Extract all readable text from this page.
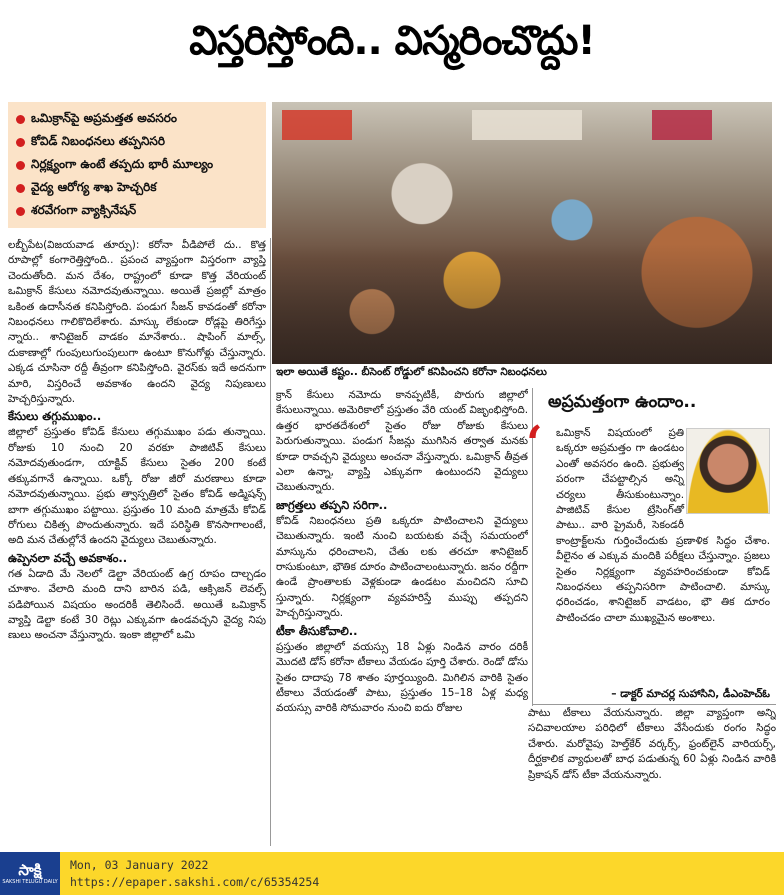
విస్తరిస్తోంది.. విస్మరించొద్దు!
ఒమిక్రాన్‌పై అప్రమత్తత అవసరం
కోవిడ్ నిబంధనలు తప్పనిసరి
నిర్లక్ష్యంగా ఉంటే తప్పదు భారీ మూల్యం
వైద్య ఆరోగ్య శాఖ హెచ్చరిక
శరవేగంగా వ్యాక్సినేషన్
ఇలా అయితే కష్టం.. బీసెంట్ రోడ్డులో కనిపించని కరోనా నిబంధనలు

లబ్బీపేట(విజయవాడ తూర్పు): కరోనా వీడిపోలే దు.. కొత్త రూపాల్లో కంగారెత్తిస్తోంది.. ప్రపంచ వ్యాప్తంగా విస్తరంగా వ్యాప్తి చెందుతోంది. మన దేశం, రాష్ట్రంలో కూడా కొత్త వేరియంట్ ఒమిక్రాన్ కేసులు నమోదవుతున్నాయి. అయితే ప్రజల్లో మాత్రం ఒకింత ఉదాసీనత కనిపిస్తోంది. పండుగ సీజన్ కావడంతో కరోనా నిబంధనలు గాలికొదిలేశారు. మాస్కు లేకుండా రోడ్లపై తిరిగేస్తు న్నారు.. శానిటైజర్ వాడకం మానేశారు.. షాపింగ్ మాల్స్, దుకాణాల్లో గుంపులుగుంపులుగా ఉంటూ కొనుగోళ్లు చేస్తున్నారు. ఎక్కడ చూసినా రద్దీ తీవ్రంగా కనిపిస్తోంది. వైరస్‌కు ఇదే అదనుగా మారి, విస్తరించే అవకాశం ఉందని వైద్య నిపుణులు హెచ్చరిస్తున్నారు.

కేసులు తగ్గుముఖం..

జిల్లాలో ప్రస్తుతం కోవిడ్ కేసులు తగ్గుముఖం పడు తున్నాయి. రోజుకు 10 నుంచి 20 వరకూ పాజిటివ్ కేసులు నమోదవుతుండగా, యాక్టివ్ కేసులు సైతం 200 కంటే తక్కువగానే ఉన్నాయి. ఒక్కో రోజు జీరో మరణాలు కూడా నమోదవుతున్నాయి. ప్రభు త్వాస్పత్రిలో సైతం కోవిడ్ అడ్మిషన్స్ బాగా తగ్గుముఖం పట్టాయి. ప్రస్తుతం 10 మంది మాత్రమే కోవిడ్ రోగులు చికిత్స పొందుతున్నారు. ఇదే పరిస్థితి కొనసాగాలంటే, అది మన చేతుల్లోనే ఉందని వైద్యులు చెబుతున్నారు.

ఉప్పెనలా వచ్చే అవకాశం..

గత ఏడాది మే నెలలో డెల్టా వేరియంట్ ఉగ్ర రూపం దాల్చడం చూశాం. వేలాది మంది దాని బారిన పడి, ఆక్సిజన్ లెవల్స్ పడిపోయిన విషయం అందరికీ తెలిసిందే. అయితే ఒమిక్రాన్ వ్యాప్తి డెల్టా కంటే 30 రెట్లు ఎక్కువగా ఉండవచ్చని వైద్య నిపు ణులు అంచనా వేస్తున్నారు. ఇంకా జిల్లాలో ఒమి

క్రాన్ కేసులు నమోదు కానప్పటికీ, పొరుగు జిల్లాలో కేసులున్నాయి. అమెరికాలో ప్రస్తుతం వేరి యంట్ విజృంభిస్తోంది. ఉత్తర భారతదేశంలో సైతం రోజు రోజుకు కేసులు పెరుగుతున్నాయి. పండుగ సీజన్లు ముగిసిన తర్వాత మనకు కూడా రావచ్చని వైద్యులు అంచనా వేస్తున్నారు. ఒమిక్రాన్ తీవ్రత ఎలా ఉన్నా, వ్యాప్తి ఎక్కువగా ఉంటుందని వైద్యులు చెబుతున్నారు.

జాగ్రత్తలు తప్పని సరిగా..

కోవిడ్ నిబంధనలు ప్రతి ఒక్కరూ పాటించాలని వైద్యులు చెబుతున్నారు. ఇంటి నుంచి బయటకు వచ్చే సమయంలో మాస్కును ధరించాలని, చేతు లకు తరచూ శానిటైజర్ రాసుకుంటూ, భౌతిక దూరం పాటించాలంటున్నారు. జనం రద్దీగా ఉండే ప్రాంతాలకు వెళ్లకుండా ఉండటం మంచిదని సూచి స్తున్నారు. నిర్లక్ష్యంగా వ్యవహరిస్తే ముప్పు తప్పదని హెచ్చరిస్తున్నారు.

టీకా తీసుకోవాలి..

ప్రస్తుతం జిల్లాలో వయస్సు 18 ఏళ్లు నిండిన వారం దరికీ మొదటి డోస్ కరోనా టీకాలు వేయడం పూర్తి చేశారు. రెండో డోసు సైతం దాదాపు 78 శాతం పూర్తయ్యింది. మిగిలిన వారికి సైతం టీకాలు వేయడంతో పాటు, ప్రస్తుతం 15–18 ఏళ్ల మధ్య వయస్సు వారికి సోమవారం నుంచి ఐదు రోజుల

అప్రమత్తంగా ఉందాం..
‘	ఒమిక్రాన్ విషయంలో ప్రతి ఒక్కరూ అప్రమత్తం గా ఉండటం ఎంతో అవసరం ఉంది. ప్రభుత్వ పరంగా చేపట్టాల్సిన అన్ని చర్యలు తీసుకుంటున్నాం. పాజిటివ్ కేసుల ట్రేసింగ్‌తో పాటు.. వారి ప్రైమరీ, సెకండరీ కాంట్రాక్ట్‌లను గుర్తించేందుకు ప్రణాళిక సిద్ధం చేశాం. వీలైనం త ఎక్కువ మందికి పరీక్షలు చేస్తున్నాం. ప్రజలు సైతం నిర్లక్ష్యంగా వ్యవహరించకుండా కోవిడ్ నిబంధనలు తప్పనిసరిగా పాటించాలి. మాస్కు ధరించడం, శానిటైజర్ వాడటం, భౌ తిక దూరం పాటించడం చాలా ముఖ్యమైన అంశాలు.
– డాక్టర్ మాచర్ల సుహాసిని, డీఎంహెచ్‌ఓ

పాటు టీకాలు వేయనున్నారు. జిల్లా వ్యాప్తంగా అన్ని సచివాలయాల పరిధిలో టీకాలు వేసేందుకు రంగం సిద్ధం చేశారు. మరోవైపు హెల్త్‌కేర్ వర్కర్స్, ఫ్రంట్‌లైన్ వారియర్స్, దీర్ఘకాలిక వ్యాధులతో బాధ పడుతున్న 60 ఏళ్లు నిండిన వారికి ప్రికాషన్ డోస్ టీకా వేయనున్నారు.

సాక్షి
SAKSHI TELUGU DAILY
Mon, 03 January 2022
https://epaper.sakshi.com/c/65354254
